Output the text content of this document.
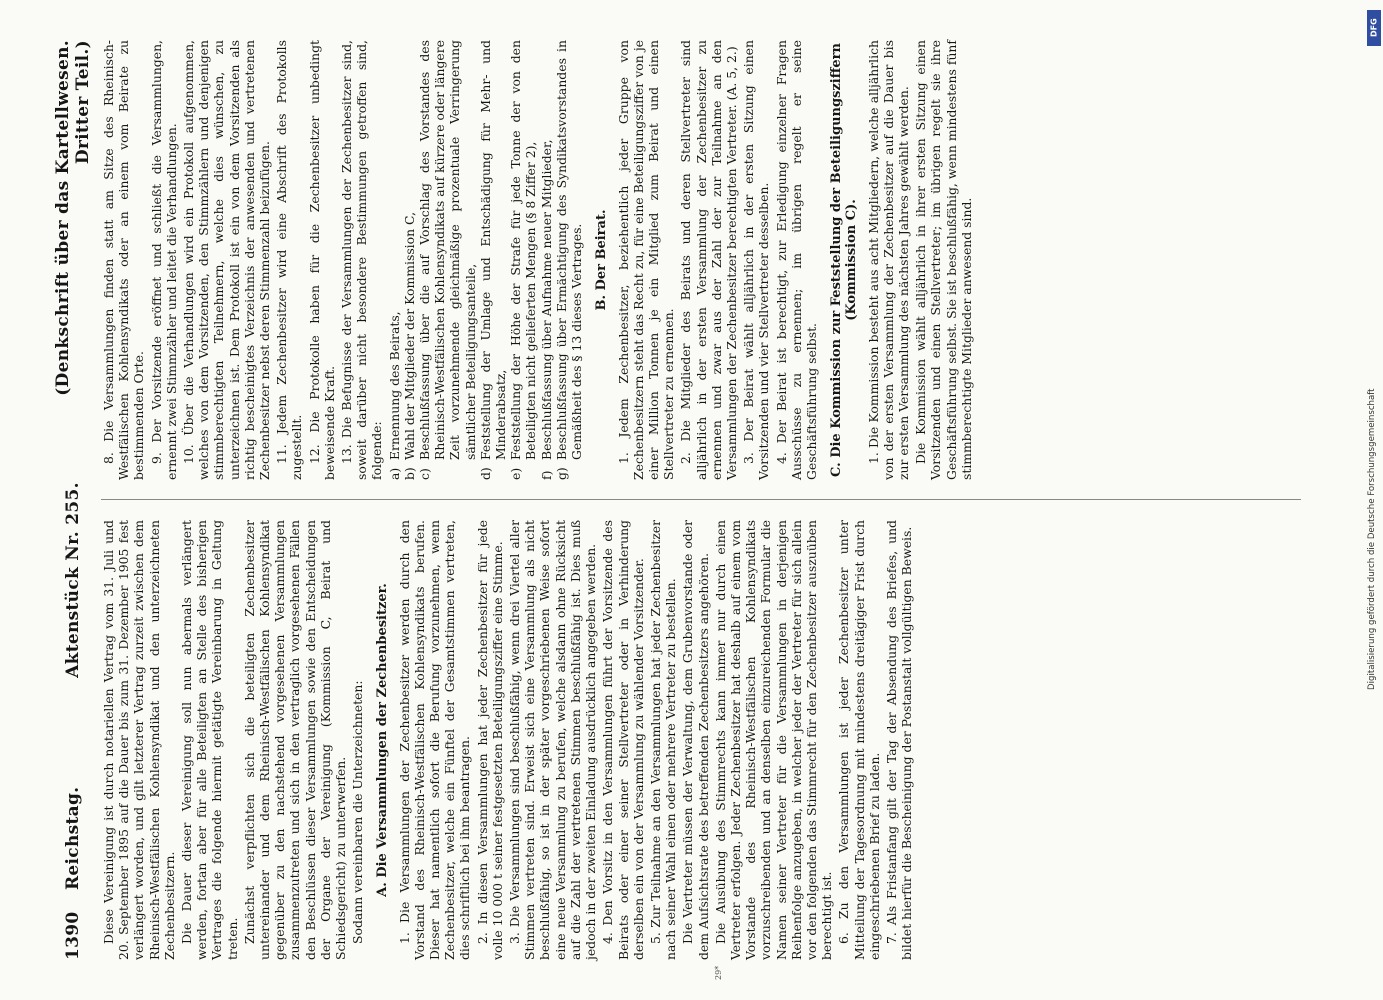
1390
Reichstag.
Aktenstück Nr. 255.
(Denkschrift über das Kartellwesen. Dritter Teil.)

Diese Vereinigung ist durch notariellen Vertrag vom 31. Juli und 20. September 1895 auf die Dauer bis zum 31. Dezember 1905 fest verlängert worden, und gilt letzterer Vertrag zurzeit zwischen dem Rheinisch-Westfälischen Kohlensyndikat und den unterzeichneten Zechenbesitzern. Die Dauer dieser Vereinigung soll nun abermals verlängert werden, fortan aber für alle Beteiligten an Stelle des bisherigen Vertrages die folgende hiermit getätigte Vereinbarung in Geltung treten. Zunächst verpflichten sich die beteiligten Zechenbesitzer untereinander und dem Rheinisch-Westfälischen Kohlensyndikat gegenüber zu den nachstehend vorgesehenen Versammlungen zusammenzutreten und sich in den vertraglich vorgesehenen Fällen den Beschlüssen dieser Versammlungen sowie den Entscheidungen der Organe der Vereinigung (Kommission C, Beirat und Schiedsgericht) zu unterwerfen. Sodann vereinbaren die Unterzeichneten: A. Die Versammlungen der Zechenbesitzer. 1. Die Versammlungen der Zechenbesitzer werden durch den Vorstand des Rheinisch-Westfälischen Kohlensyndikats berufen. Dieser hat namentlich sofort die Berufung vorzunehmen, wenn Zechenbesitzer, welche ein Fünftel der Gesamtstimmen vertreten, dies schriftlich bei ihm beantragen. 2. In diesen Versammlungen hat jeder Zechenbesitzer für jede volle 10 000 t seiner festgesetzten Beteiligungsziffer eine Stimme. 3. Die Versammlungen sind beschlußfähig, wenn drei Viertel aller Stimmen vertreten sind. Erweist sich eine Versammlung als nicht beschlußfähig, so ist in der später vorgeschriebenen Weise sofort eine neue Versammlung zu berufen, welche alsdann ohne Rücksicht auf die Zahl der vertretenen Stimmen beschlußfähig ist. Dies muß jedoch in der zweiten Einladung ausdrücklich angegeben werden. 4. Den Vorsitz in den Versammlungen führt der Vorsitzende des Beirats oder einer seiner Stellvertreter oder in Verhinderung derselben ein von der Versammlung zu wählender Vorsitzender. 5. Zur Teilnahme an den Versammlungen hat jeder Zechenbesitzer nach seiner Wahl einen oder mehrere Vertreter zu bestellen. Die Vertreter müssen der Verwaltung, dem Grubenvorstande oder dem Aufsichtsrate des betreffenden Zechenbesitzers angehören. Die Ausübung des Stimmrechts kann immer nur durch einen Vertreter erfolgen. Jeder Zechenbesitzer hat deshalb auf einem vom Vorstande des Rheinisch-Westfälischen Kohlensyndikats vorzuschreibenden und an denselben einzureichenden Formular die Namen seiner Vertreter für die Versammlungen in derjenigen Reihenfolge anzugeben, in welcher jeder der Vertreter für sich allein vor den folgenden das Stimmrecht für den Zechenbesitzer auszuüben berechtigt ist. 6. Zu den Versammlungen ist jeder Zechenbesitzer unter Mitteilung der Tagesordnung mit mindestens dreitägiger Frist durch eingeschriebenen Brief zu laden. 7. Als Fristanfang gilt der Tag der Absendung des Briefes, und bildet hierfür die Bescheinigung der Postanstalt vollgültigen Beweis.

29*

8. Die Versammlungen finden statt am Sitze des Rheinisch-Westfälischen Kohlensyndikats oder an einem vom Beirate zu bestimmenden Orte. 9. Der Vorsitzende eröffnet und schließt die Versammlungen, ernennt zwei Stimmzähler und leitet die Verhandlungen. 10. Über die Verhandlungen wird ein Protokoll aufgenommen, welches von dem Vorsitzenden, den Stimmzählern und denjenigen stimmberechtigten Teilnehmern, welche dies wünschen, zu unterzeichnen ist. Dem Protokoll ist ein von dem Vorsitzenden als richtig bescheinigtes Verzeichnis der anwesenden und vertretenen Zechenbesitzer nebst deren Stimmenzahl beizufügen. 11. Jedem Zechenbesitzer wird eine Abschrift des Protokolls zugestellt. 12. Die Protokolle haben für die Zechenbesitzer unbedingt beweisende Kraft. 13. Die Befugnisse der Versammlungen der Zechenbesitzer sind, soweit darüber nicht besondere Bestimmungen getroffen sind, folgende: a)
Ernennung des Beirats,
b)
Wahl der Mitglieder der Kommission C,
c)
Beschlußfassung über die auf Vorschlag des Vorstandes des Rheinisch-Westfälischen Kohlensyndikats auf kürzere oder längere Zeit vorzunehmende gleichmäßige prozentuale Verringerung sämtlicher Beteiligungsanteile,
d)
Feststellung der Umlage und Entschädigung für Mehr- und Minderabsatz,
e)
Feststellung der Höhe der Strafe für jede Tonne der von den Beteiligten nicht gelieferten Mengen (§ 8 Ziffer 2),
f)
Beschlußfassung über Aufnahme neuer Mitglieder,
g)
Beschlußfassung über Ermächtigung des Syndikatsvorstandes in Gemäßheit des § 13 dieses Vertrages. B. Der Beirat. 1. Jedem Zechenbesitzer, beziehentlich jeder Gruppe von Zechenbesitzern steht das Recht zu, für eine Beteiligungsziffer von je einer Million Tonnen je ein Mitglied zum Beirat und einen Stellvertreter zu ernennen. 2. Die Mitglieder des Beirats und deren Stellvertreter sind alljährlich in der ersten Versammlung der Zechenbesitzer zu ernennen und zwar aus der Zahl der zur Teilnahme an den Versammlungen der Zechenbesitzer berechtigten Vertreter. (A. 5, 2.) 3. Der Beirat wählt alljährlich in der ersten Sitzung einen Vorsitzenden und vier Stellvertreter desselben. 4. Der Beirat ist berechtigt, zur Erledigung einzelner Fragen Ausschüsse zu ernennen; im übrigen regelt er seine Geschäftsführung selbst. C. Die Kommission zur Feststellung der Beteiligungsziffern (Kommission C). 1. Die Kommission besteht aus acht Mitgliedern, welche alljährlich von der ersten Versammlung der Zechenbesitzer auf die Dauer bis zur ersten Versammlung des nächsten Jahres gewählt werden. Die Kommission wählt alljährlich in ihrer ersten Sitzung einen Vorsitzenden und einen Stellvertreter; im übrigen regelt sie ihre Geschäftsführung selbst. Sie ist beschlußfähig, wenn mindestens fünf stimmberechtigte Mitglieder anwesend sind.

DFG
Digitalisierung gefördert durch die Deutsche Forschungsgemeinschaft
